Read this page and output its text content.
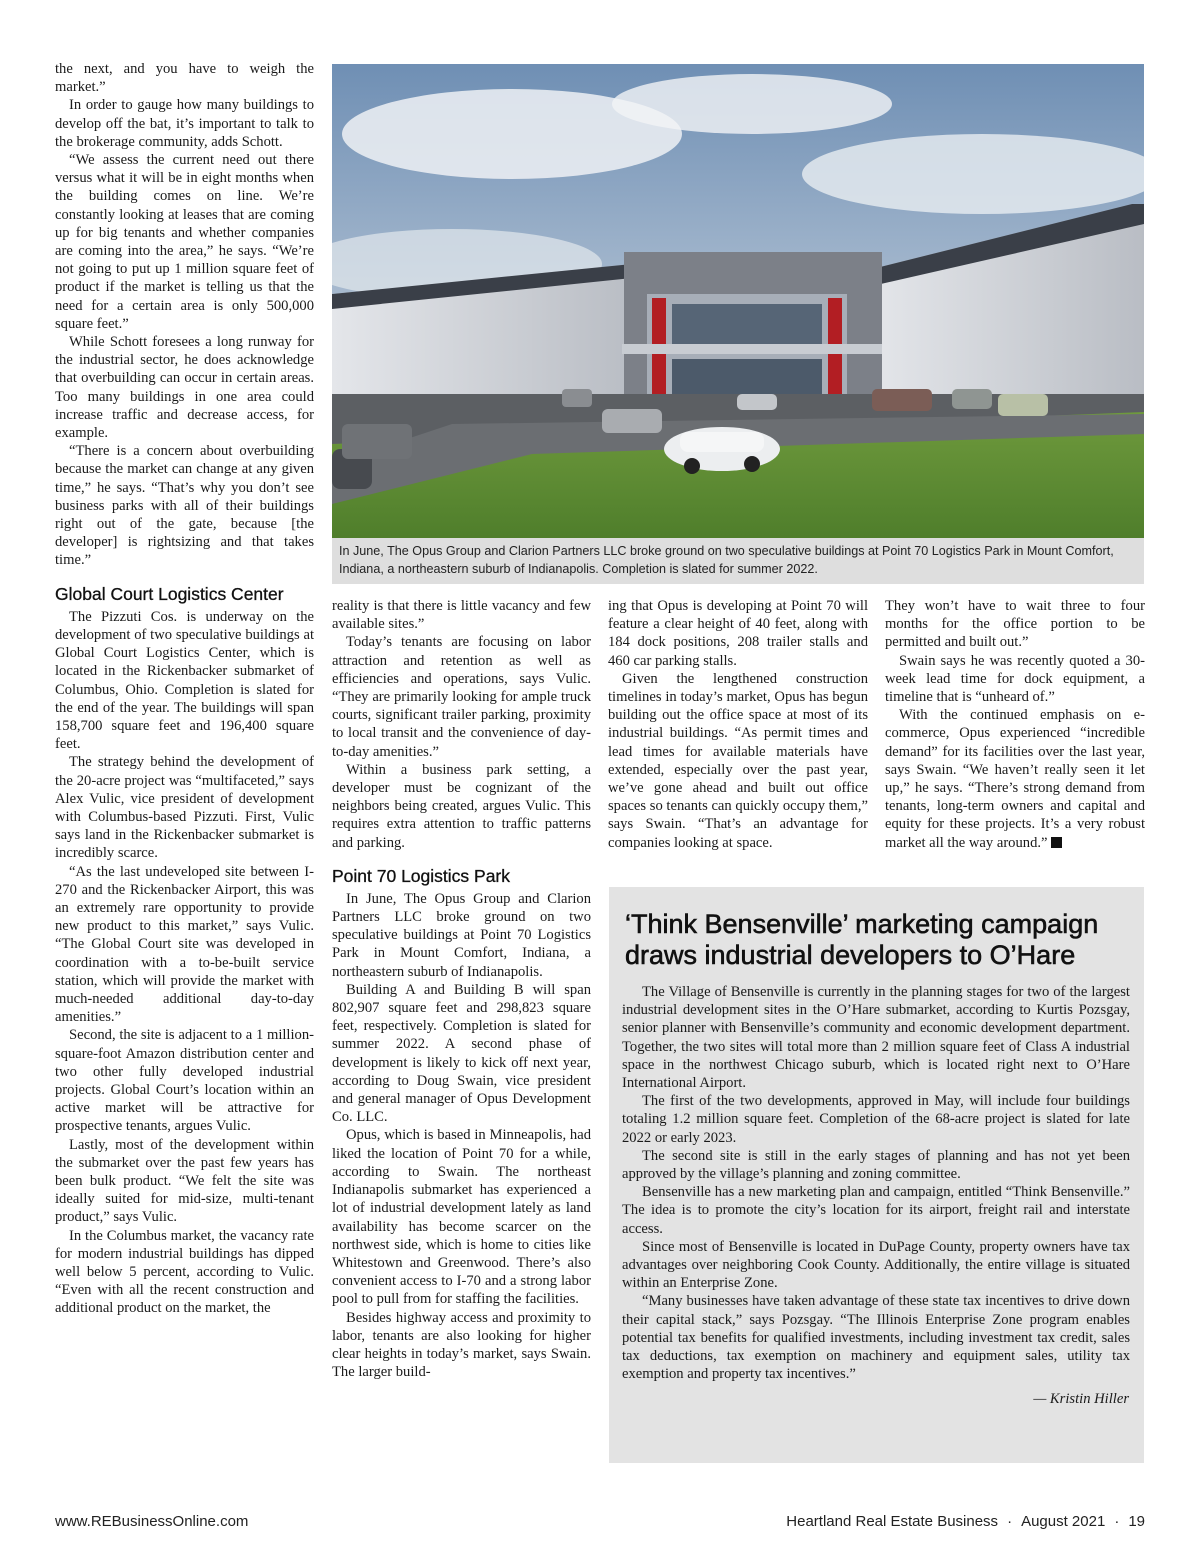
the next, and you have to weigh the market.”

In order to gauge how many buildings to develop off the bat, it’s important to talk to the brokerage community, adds Schott.

“We assess the current need out there versus what it will be in eight months when the building comes on line. We’re constantly looking at leases that are coming up for big tenants and whether companies are coming into the area,” he says. “We’re not going to put up 1 million square feet of product if the market is telling us that the need for a certain area is only 500,000 square feet.”

While Schott foresees a long runway for the industrial sector, he does acknowledge that overbuilding can occur in certain areas. Too many buildings in one area could increase traffic and decrease access, for example.

“There is a concern about overbuilding because the market can change at any given time,” he says. “That’s why you don’t see business parks with all of their buildings right out of the gate, because [the developer] is rightsizing and that takes time.”

Global Court Logistics Center

The Pizzuti Cos. is underway on the development of two speculative buildings at Global Court Logistics Center, which is located in the Rickenbacker submarket of Columbus, Ohio. Completion is slated for the end of the year. The buildings will span 158,700 square feet and 196,400 square feet.

The strategy behind the development of the 20-acre project was “multifaceted,” says Alex Vulic, vice president of development with Columbus-based Pizzuti. First, Vulic says land in the Rickenbacker submarket is incredibly scarce.

“As the last undeveloped site between I-270 and the Rickenbacker Airport, this was an extremely rare opportunity to provide new product to this market,” says Vulic. “The Global Court site was developed in coordination with a to-be-built service station, which will provide the market with much-needed additional day-to-day amenities.”

Second, the site is adjacent to a 1 million-square-foot Amazon distribution center and two other fully developed industrial projects. Global Court’s location within an active market will be attractive for prospective tenants, argues Vulic.

Lastly, most of the development within the submarket over the past few years has been bulk product. “We felt the site was ideally suited for mid-size, multi-tenant product,” says Vulic.

In the Columbus market, the vacancy rate for modern industrial buildings has dipped well below 5 percent, according to Vulic. “Even with all the recent construction and additional product on the market, the

In June, The Opus Group and Clarion Partners LLC broke ground on two speculative buildings at Point 70 Logistics Park in Mount Comfort, Indiana, a northeastern suburb of Indianapolis. Completion is slated for summer 2022.

reality is that there is little vacancy and few available sites.”

Today’s tenants are focusing on labor attraction and retention as well as efficiencies and operations, says Vulic. “They are primarily looking for ample truck courts, significant trailer parking, proximity to local transit and the convenience of day-to-day amenities.”

Within a business park setting, a developer must be cognizant of the neighbors being created, argues Vulic. This requires extra attention to traffic patterns and parking.

Point 70 Logistics Park

In June, The Opus Group and Clarion Partners LLC broke ground on two speculative buildings at Point 70 Logistics Park in Mount Comfort, Indiana, a northeastern suburb of Indianapolis.

Building A and Building B will span 802,907 square feet and 298,823 square feet, respectively. Completion is slated for summer 2022. A second phase of development is likely to kick off next year, according to Doug Swain, vice president and general manager of Opus Development Co. LLC.

Opus, which is based in Minneapolis, had liked the location of Point 70 for a while, according to Swain. The northeast Indianapolis submarket has experienced a lot of industrial development lately as land availability has become scarcer on the northwest side, which is home to cities like Whitestown and Greenwood. There’s also convenient access to I-70 and a strong labor pool to pull from for staffing the facilities.

Besides highway access and proximity to labor, tenants are also looking for higher clear heights in today’s market, says Swain. The larger build-

ing that Opus is developing at Point 70 will feature a clear height of 40 feet, along with 184 dock positions, 208 trailer stalls and 460 car parking stalls.

Given the lengthened construction timelines in today’s market, Opus has begun building out the office space at most of its industrial buildings. “As permit times and lead times for available materials have extended, especially over the past year, we’ve gone ahead and built out office spaces so tenants can quickly occupy them,” says Swain. “That’s an advantage for companies looking at space.

They won’t have to wait three to four months for the office portion to be permitted and built out.”

Swain says he was recently quoted a 30-week lead time for dock equipment, a timeline that is “unheard of.”

With the continued emphasis on e-commerce, Opus experienced “incredible demand” for its facilities over the last year, says Swain. “We haven’t really seen it let up,” he says. “There’s strong demand from tenants, long-term owners and capital and equity for these projects. It’s a very robust market all the way around.”

‘Think Bensenville’ marketing campaign draws industrial developers to O’Hare

The Village of Bensenville is currently in the planning stages for two of the largest industrial development sites in the O’Hare submarket, according to Kurtis Pozsgay, senior planner with Bensenville’s community and economic development department. Together, the two sites will total more than 2 million square feet of Class A industrial space in the northwest Chicago suburb, which is located right next to O’Hare International Airport.

The first of the two developments, approved in May, will include four buildings totaling 1.2 million square feet. Completion of the 68-acre project is slated for late 2022 or early 2023.

The second site is still in the early stages of planning and has not yet been approved by the village’s planning and zoning committee.

Bensenville has a new marketing plan and campaign, entitled “Think Bensenville.” The idea is to promote the city’s location for its airport, freight rail and interstate access.

Since most of Bensenville is located in DuPage County, property owners have tax advantages over neighboring Cook County. Additionally, the entire village is situated within an Enterprise Zone.

“Many businesses have taken advantage of these state tax incentives to drive down their capital stack,” says Pozsgay. “The Illinois Enterprise Zone program enables potential tax benefits for qualified investments, including investment tax credit, sales tax deductions, tax exemption on machinery and equipment sales, utility tax exemption and property tax incentives.”

— Kristin Hiller
www.REBusinessOnline.com	Heartland Real Estate Business · August 2021 · 19
